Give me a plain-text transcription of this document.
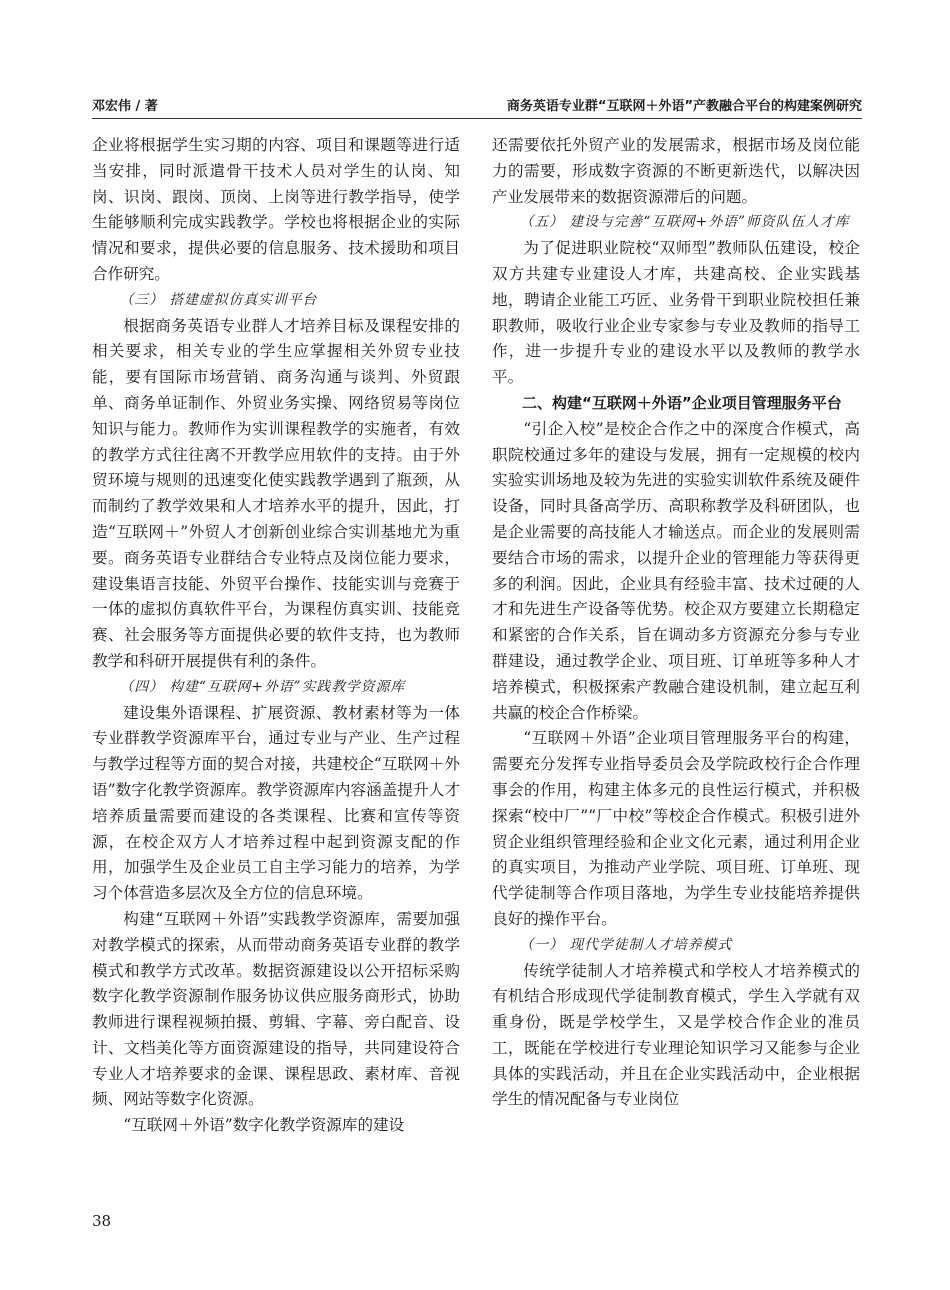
邓宏伟 / 著	商务英语专业群“互联网＋外语”产教融合平台的构建案例研究

企业将根据学生实习期的内容、项目和课题等进行适当安排，同时派遣骨干技术人员对学生的认岗、知岗、识岗、跟岗、顶岗、上岗等进行教学指导，使学生能够顺利完成实践教学。学校也将根据企业的实际情况和要求，提供必要的信息服务、技术援助和项目合作研究。

（三） 搭建虚拟仿真实训平台

根据商务英语专业群人才培养目标及课程安排的相关要求，相关专业的学生应掌握相关外贸专业技能，要有国际市场营销、商务沟通与谈判、外贸跟单、商务单证制作、外贸业务实操、网络贸易等岗位知识与能力。教师作为实训课程教学的实施者，有效的教学方式往往离不开教学应用软件的支持。由于外贸环境与规则的迅速变化使实践教学遇到了瓶颈，从而制约了教学效果和人才培养水平的提升，因此，打造“互联网＋”外贸人才创新创业综合实训基地尤为重要。商务英语专业群结合专业特点及岗位能力要求，建设集语言技能、外贸平台操作、技能实训与竞赛于一体的虚拟仿真软件平台，为课程仿真实训、技能竞赛、社会服务等方面提供必要的软件支持，也为教师教学和科研开展提供有利的条件。

（四） 构建“互联网+外语”实践教学资源库

建设集外语课程、扩展资源、教材素材等为一体专业群教学资源库平台，通过专业与产业、生产过程与教学过程等方面的契合对接，共建校企“互联网＋外语”数字化教学资源库。教学资源库内容涵盖提升人才培养质量需要而建设的各类课程、比赛和宣传等资源，在校企双方人才培养过程中起到资源支配的作用，加强学生及企业员工自主学习能力的培养，为学习个体营造多层次及全方位的信息环境。

构建“互联网＋外语”实践教学资源库，需要加强对教学模式的探索，从而带动商务英语专业群的教学模式和教学方式改革。数据资源建设以公开招标采购数字化教学资源制作服务协议供应服务商形式，协助教师进行课程视频拍摄、剪辑、字幕、旁白配音、设计、文档美化等方面资源建设的指导，共同建设符合专业人才培养要求的金课、课程思政、素材库、音视频、网站等数字化资源。

“互联网＋外语”数字化教学资源库的建设

还需要依托外贸产业的发展需求，根据市场及岗位能力的需要，形成数字资源的不断更新迭代，以解决因产业发展带来的数据资源滞后的问题。

（五） 建设与完善“互联网+外语”师资队伍人才库

为了促进职业院校“双师型”教师队伍建设，校企双方共建专业建设人才库，共建高校、企业实践基地，聘请企业能工巧匠、业务骨干到职业院校担任兼职教师，吸收行业企业专家参与专业及教师的指导工作，进一步提升专业的建设水平以及教师的教学水平。

二、构建“互联网＋外语”企业项目管理服务平台

“引企入校”是校企合作之中的深度合作模式，高职院校通过多年的建设与发展，拥有一定规模的校内实验实训场地及较为先进的实验实训软件系统及硬件设备，同时具备高学历、高职称教学及科研团队，也是企业需要的高技能人才输送点。而企业的发展则需要结合市场的需求，以提升企业的管理能力等获得更多的利润。因此，企业具有经验丰富、技术过硬的人才和先进生产设备等优势。校企双方要建立长期稳定和紧密的合作关系，旨在调动多方资源充分参与专业群建设，通过教学企业、项目班、订单班等多种人才培养模式，积极探索产教融合建设机制，建立起互利共赢的校企合作桥梁。

“互联网＋外语”企业项目管理服务平台的构建，需要充分发挥专业指导委员会及学院政校行企合作理事会的作用，构建主体多元的良性运行模式，并积极探索“校中厂”“厂中校”等校企合作模式。积极引进外贸企业组织管理经验和企业文化元素，通过利用企业的真实项目，为推动产业学院、项目班、订单班、现代学徒制等合作项目落地，为学生专业技能培养提供良好的操作平台。

（一） 现代学徒制人才培养模式

传统学徒制人才培养模式和学校人才培养模式的有机结合形成现代学徒制教育模式，学生入学就有双重身份，既是学校学生，又是学校合作企业的准员工，既能在学校进行专业理论知识学习又能参与企业具体的实践活动，并且在企业实践活动中，企业根据学生的情况配备与专业岗位

38
